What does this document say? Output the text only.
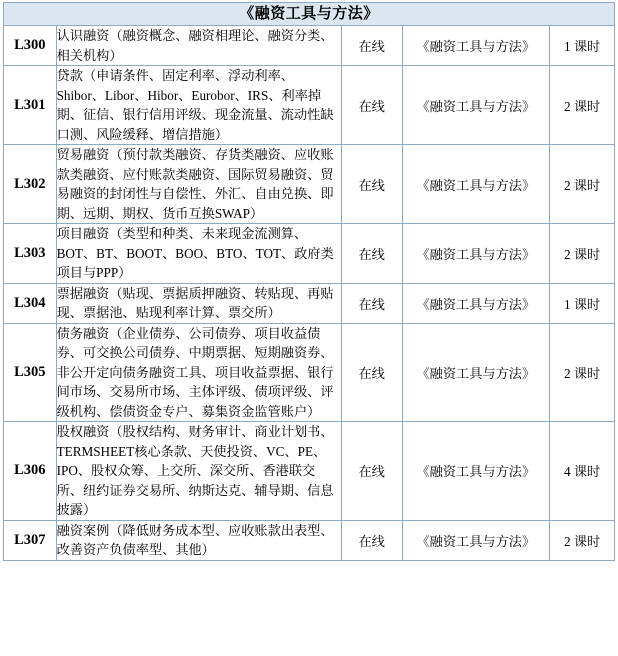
《融资工具与方法》				
L300	认识融资（融资概念、融资相理论、融资分类、相关机构）	在线	《融资工具与方法》	1 课时
L301	贷款（申请条件、固定利率、浮动利率、Shibor、Libor、Hibor、Eurobor、IRS、利率掉期、征信、银行信用评级、现金流量、流动性缺口测、风险缓释、增信措施）	在线	《融资工具与方法》	2 课时
L302	贸易融资（预付款类融资、存货类融资、应收账款类融资、应付账款类融资、国际贸易融资、贸易融资的封闭性与自偿性、外汇、自由兑换、即期、远期、期权、货币互换SWAP）	在线	《融资工具与方法》	2 课时
L303	项目融资（类型和种类、未来现金流测算、BOT、BT、BOOT、BOO、BTO、TOT、政府类项目与PPP）	在线	《融资工具与方法》	2 课时
L304	票据融资（贴现、票据质押融资、转贴现、再贴现、票据池、贴现利率计算、票交所）	在线	《融资工具与方法》	1 课时
L305	债务融资（企业债券、公司债券、项目收益债券、可交换公司债券、中期票据、短期融资券、非公开定向债务融资工具、项目收益票据、银行间市场、交易所市场、主体评级、债项评级、评级机构、偿债资金专户、募集资金监管账户）	在线	《融资工具与方法》	2 课时
L306	股权融资（股权结构、财务审计、商业计划书、TERMSHEET核心条款、天使投资、VC、PE、IPO、股权众筹、上交所、深交所、香港联交所、纽约证券交易所、纳斯达克、辅导期、信息披露）	在线	《融资工具与方法》	4 课时
L307	融资案例（降低财务成本型、应收账款出表型、改善资产负债率型、其他）	在线	《融资工具与方法》	2 课时
